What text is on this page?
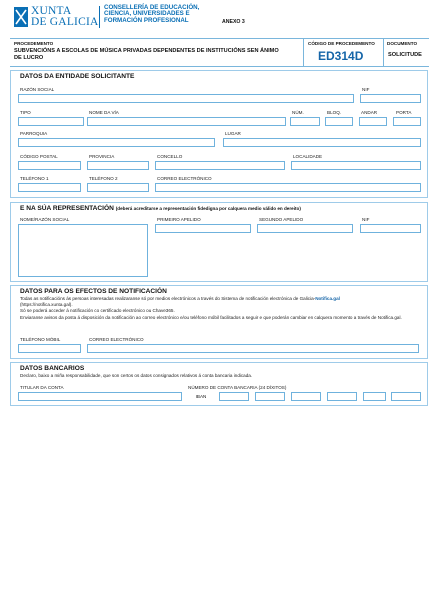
XUNTA
DE GALICIA
CONSELLERÍA DE EDUCACIÓN,
CIENCIA, UNIVERSIDADES E
FORMACIÓN PROFESIONAL	ANEXO 3
PROCEDEMENTO
SUBVENCIÓNS A ESCOLAS DE MÚSICA PRIVADAS DEPENDENTES DE INSTITUCIÓNS SEN ÁNIMO DE LUCRO
CÓDIGO DE PROCEDEMENTO
ED314D
DOCUMENTO
SOLICITUDE
DATOS DA ENTIDADE SOLICITANTE
RAZÓN SOCIAL	NIF
TIPO	NOME DA VÍA	NÚM.	BLOQ.	ANDAR	PORTA
PARROQUIA	LUGAR
CÓDIGO POSTAL	PROVINCIA	CONCELLO	LOCALIDADE
TELÉFONO 1	TELÉFONO 2	CORREO ELECTRÓNICO
E NA SÚA REPRESENTACIÓN (deberá acreditarse a representación fidedigna por calquera medio válido en dereito)
NOME/RAZÓN SOCIAL	PRIMEIRO APELIDO	SEGUNDO APELIDO	NIF
DATOS PARA OS EFECTOS DE NOTIFICACIÓN
Todas as notificacións ás persoas interesadas realizaranse só por medios electrónicos a través do Sistema de notificación electrónica de Galicia-Notifica.gal
(https://notifica.xunta.gal).
Só se poderá acceder á notificación co certificado electrónico ou Chave365.
Enviaranse avisos da posta á disposición da notificación ao correo electrónico e/ou teléfono móbil facilitados a seguir e que poderán cambiar en calquera momento a través de Notifica.gal.
TELÉFONO MÓBIL	CORREO ELECTRÓNICO
DATOS BANCARIOS
Declaro, baixo a miña responsabilidade, que son certos os datos consignados relativos á conta bancaria indicada.
TITULAR DA CONTA	NÚMERO DE CONTA BANCARIA (24 DÍXITOS)
IBAN
